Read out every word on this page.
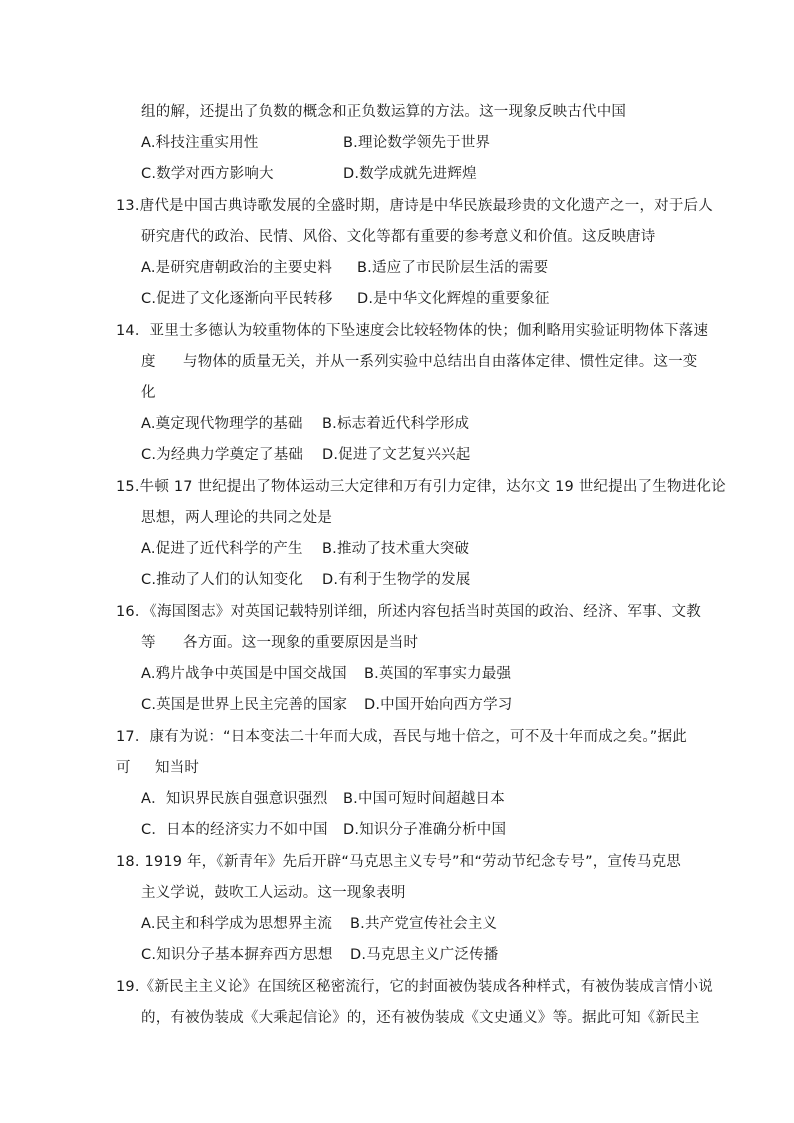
组的解，还提出了负数的概念和正负数运算的方法。这一现象反映古代中国
A.科技注重实用性	B.理论数学领先于世界
C.数学对西方影响大	D.数学成就先进辉煌
13.唐代是中国古典诗歌发展的全盛时期，唐诗是中华民族最珍贵的文化遗产之一，对于后人
研究唐代的政治、民情、风俗、文化等都有重要的参考意义和价值。这反映唐诗
A.是研究唐朝政治的主要史料 B.适应了市民阶层生活的需要
C.促进了文化逐渐向平民转移 D.是中华文化辉煌的重要象征
14．亚里士多德认为较重物体的下坠速度会比较轻物体的快；伽利略用实验证明物体下落速
度 与物体的质量无关，并从一系列实验中总结出自由落体定律、惯性定律。这一变
化
A.奠定现代物理学的基础 B.标志着近代科学形成
C.为经典力学奠定了基础 D.促进了文艺复兴兴起
15.牛顿 17 世纪提出了物体运动三大定律和万有引力定律，达尔文 19 世纪提出了生物进化论
思想，两人理论的共同之处是
A.促进了近代科学的产生 B.推动了技术重大突破
C.推动了人们的认知变化 D.有利于生物学的发展
16．《海国图志》对英国记载特别详细，所述内容包括当时英国的政治、经济、军事、文教
等 各方面。这一现象的重要原因是当时
A.鸦片战争中英国是中国交战国 B.英国的军事实力最强
C.英国是世界上民主完善的国家 D.中国开始向西方学习
17．康有为说：“日本变法二十年而大成，吾民与地十倍之，可不及十年而成之矣。”据此
可 知当时
A．知识界民族自强意识强烈 B.中国可短时间超越日本
C．日本的经济实力不如中国 D.知识分子准确分析中国
18. 1919 年，《新青年》先后开辟“马克思主义专号”和“劳动节纪念专号”，宣传马克思
主义学说，鼓吹工人运动。这一现象表明
A.民主和科学成为思想界主流 B.共产党宣传社会主义
C.知识分子基本摒弃西方思想 D.马克思主义广泛传播
19.《新民主主义论》在国统区秘密流行，它的封面被伪装成各种样式，有被伪装成言情小说
的，有被伪装成《大乘起信论》的，还有被伪装成《文史通义》等。据此可知《新民主
